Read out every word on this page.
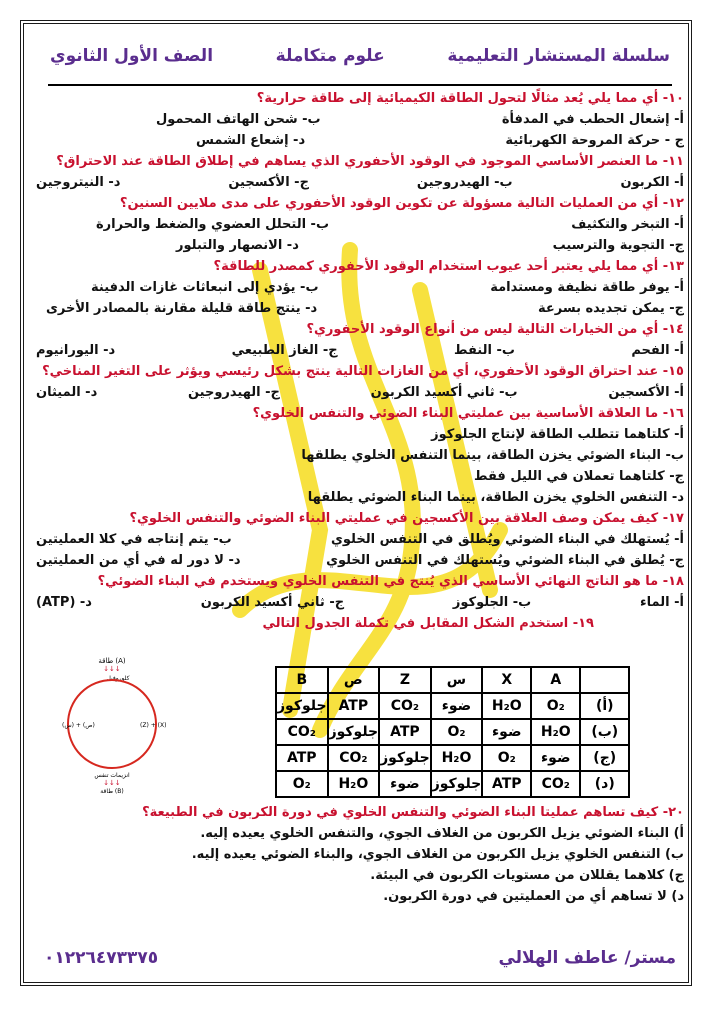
سلسلة المستشار التعليمية
علوم متكاملة
الصف الأول الثانوي
١٠- أي مما يلي يُعد مثالًا لتحول الطاقة الكيميائية إلى طاقة حرارية؟
أ- إشعال الحطب في المدفأة
ب- شحن الهاتف المحمول
ج - حركة المروحة الكهربائية
د- إشعاع الشمس
١١- ما العنصر الأساسي الموجود في الوقود الأحفوري الذي يساهم في إطلاق الطاقة عند الاحتراق؟
أ- الكربون
ب- الهيدروجين
ج- الأكسجين
د- النيتروجين
١٢- أي من العمليات التالية مسؤولة عن تكوين الوقود الأحفوري على مدى ملايين السنين؟
أ- التبخر والتكثيف
ب- التحلل العضوي والضغط والحرارة
ج- التجوية والترسيب
د- الانصهار والتبلور
١٣- أي مما يلي يعتبر أحد عيوب استخدام الوقود الأحفوري كمصدر للطاقة؟
أ- يوفر طاقة نظيفة ومستدامة
ب- يؤدي إلى انبعاثات غازات الدفينة
ج- يمكن تجديده بسرعة
د- ينتج طاقة قليلة مقارنة بالمصادر الأخرى
١٤- أي من الخيارات التالية ليس من أنواع الوقود الأحفوري؟
أ- الفحم
ب- النفط
ج- الغاز الطبيعي
د- اليورانيوم
١٥- عند احتراق الوقود الأحفوري، أي من الغازات التالية ينتج بشكل رئيسي ويؤثر على التغير المناخي؟
أ- الأكسجين
ب- ثاني أكسيد الكربون
ج- الهيدروجين
د- الميثان
١٦- ما العلاقة الأساسية بين عمليتي البناء الضوئي والتنفس الخلوي؟
أ- كلتاهما تتطلب الطاقة لإنتاج الجلوكوز
ب- البناء الضوئي يخزن الطاقة، بينما التنفس الخلوي يطلقها
ج- كلتاهما تعملان في الليل فقط
د- التنفس الخلوي يخزن الطاقة، بينما البناء الضوئي يطلقها
١٧- كيف يمكن وصف العلاقة بين الأكسجين في عمليتي البناء الضوئي والتنفس الخلوي؟
أ- يُستهلك في البناء الضوئي ويُطلق في التنفس الخلوي
ب- يتم إنتاجه في كلا العمليتين
ج- يُطلق في البناء الضوئي ويُستهلك في التنفس الخلوي
د- لا دور له في أي من العمليتين
١٨- ما هو الناتج النهائي الأساسي الذي يُنتج في التنفس الخلوي ويستخدم في البناء الضوئي؟
أ- الماء
ب- الجلوكوز
ج- ثاني أكسيد الكربون
د- (ATP)
١٩- استخدم الشكل المقابل في تكملة الجدول التالي
طاقة (A)
↓↓↓
كلوروفيل
(س) + (ص)	(Z) + (X)
انزيمات تنفس
↓↓↓
طاقة (B)
	A	X	س	Z	ص	B
(أ)	O₂	H₂O	ضوء	CO₂	ATP	جلوكوز
(ب)	H₂O	ضوء	O₂	ATP	جلوكوز	CO₂
(ج)	ضوء	O₂	H₂O	جلوكوز	CO₂	ATP
(د)	CO₂	ATP	جلوكوز	ضوء	H₂O	O₂
٢٠- كيف تساهم عمليتا البناء الضوئي والتنفس الخلوي في دورة الكربون في الطبيعة؟
أ) البناء الضوئي يزيل الكربون من الغلاف الجوي، والتنفس الخلوي يعيده إليه.
ب) التنفس الخلوي يزيل الكربون من الغلاف الجوي، والبناء الضوئي يعيده إليه.
ج) كلاهما يقللان من مستويات الكربون في البيئة.
د) لا تساهم أي من العمليتين في دورة الكربون.
مستر/ عاطف الهلالي
٠١٢٢٦٤٧٣٣٧٥
